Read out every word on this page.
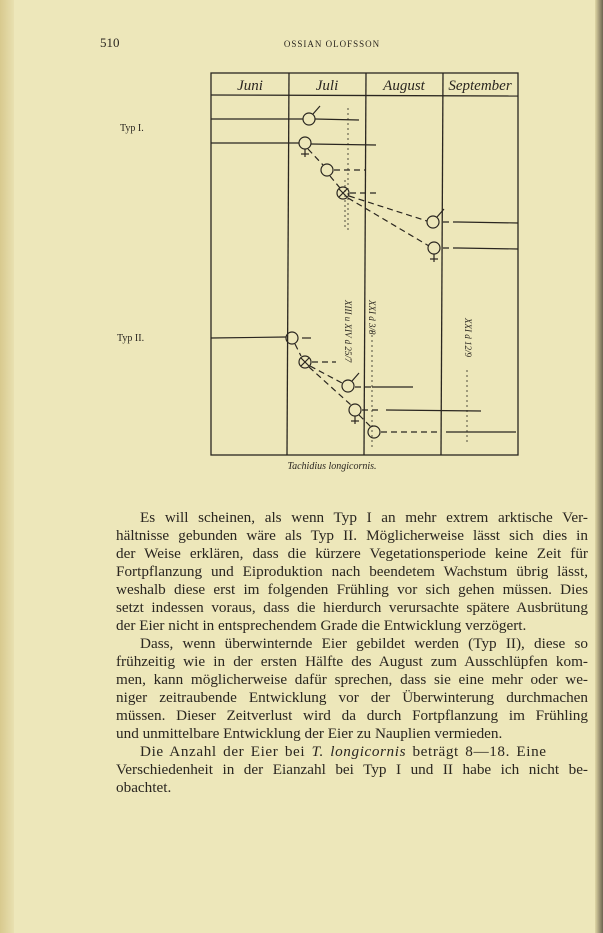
510	OSSIAN OLOFSSON
Juni	Juli	August September
Typ I.
Typ II.	XIII u XIV d 25/7 XXI d 3/8
XXI d 12/9
Tachidius longicornis.
Es will scheinen, als wenn Typ I an mehr extrem arktische Ver-
hältnisse gebunden wäre als Typ II. Möglicherweise lässt sich dies in
der Weise erklären, dass die kürzere Vegetationsperiode keine Zeit für
Fortpflanzung und Eiproduktion nach beendetem Wachstum übrig lässt,
weshalb diese erst im folgenden Frühling vor sich gehen müssen. Dies
setzt indessen voraus, dass die hierdurch verursachte spätere Ausbrütung
der Eier nicht in entsprechendem Grade die Entwicklung verzögert.
Dass, wenn überwinternde Eier gebildet werden (Typ II), diese so
frühzeitig wie in der ersten Hälfte des August zum Ausschlüpfen kom-
men, kann möglicherweise dafür sprechen, dass sie eine mehr oder we-
niger zeitraubende Entwicklung vor der Überwinterung durchmachen
müssen. Dieser Zeitverlust wird da durch Fortpflanzung im Frühling
und unmittelbare Entwicklung der Eier zu Nauplien vermieden.
Die Anzahl der Eier bei T. longicornis beträgt 8—18. Eine
Verschiedenheit in der Eianzahl bei Typ I und II habe ich nicht be-
obachtet.
